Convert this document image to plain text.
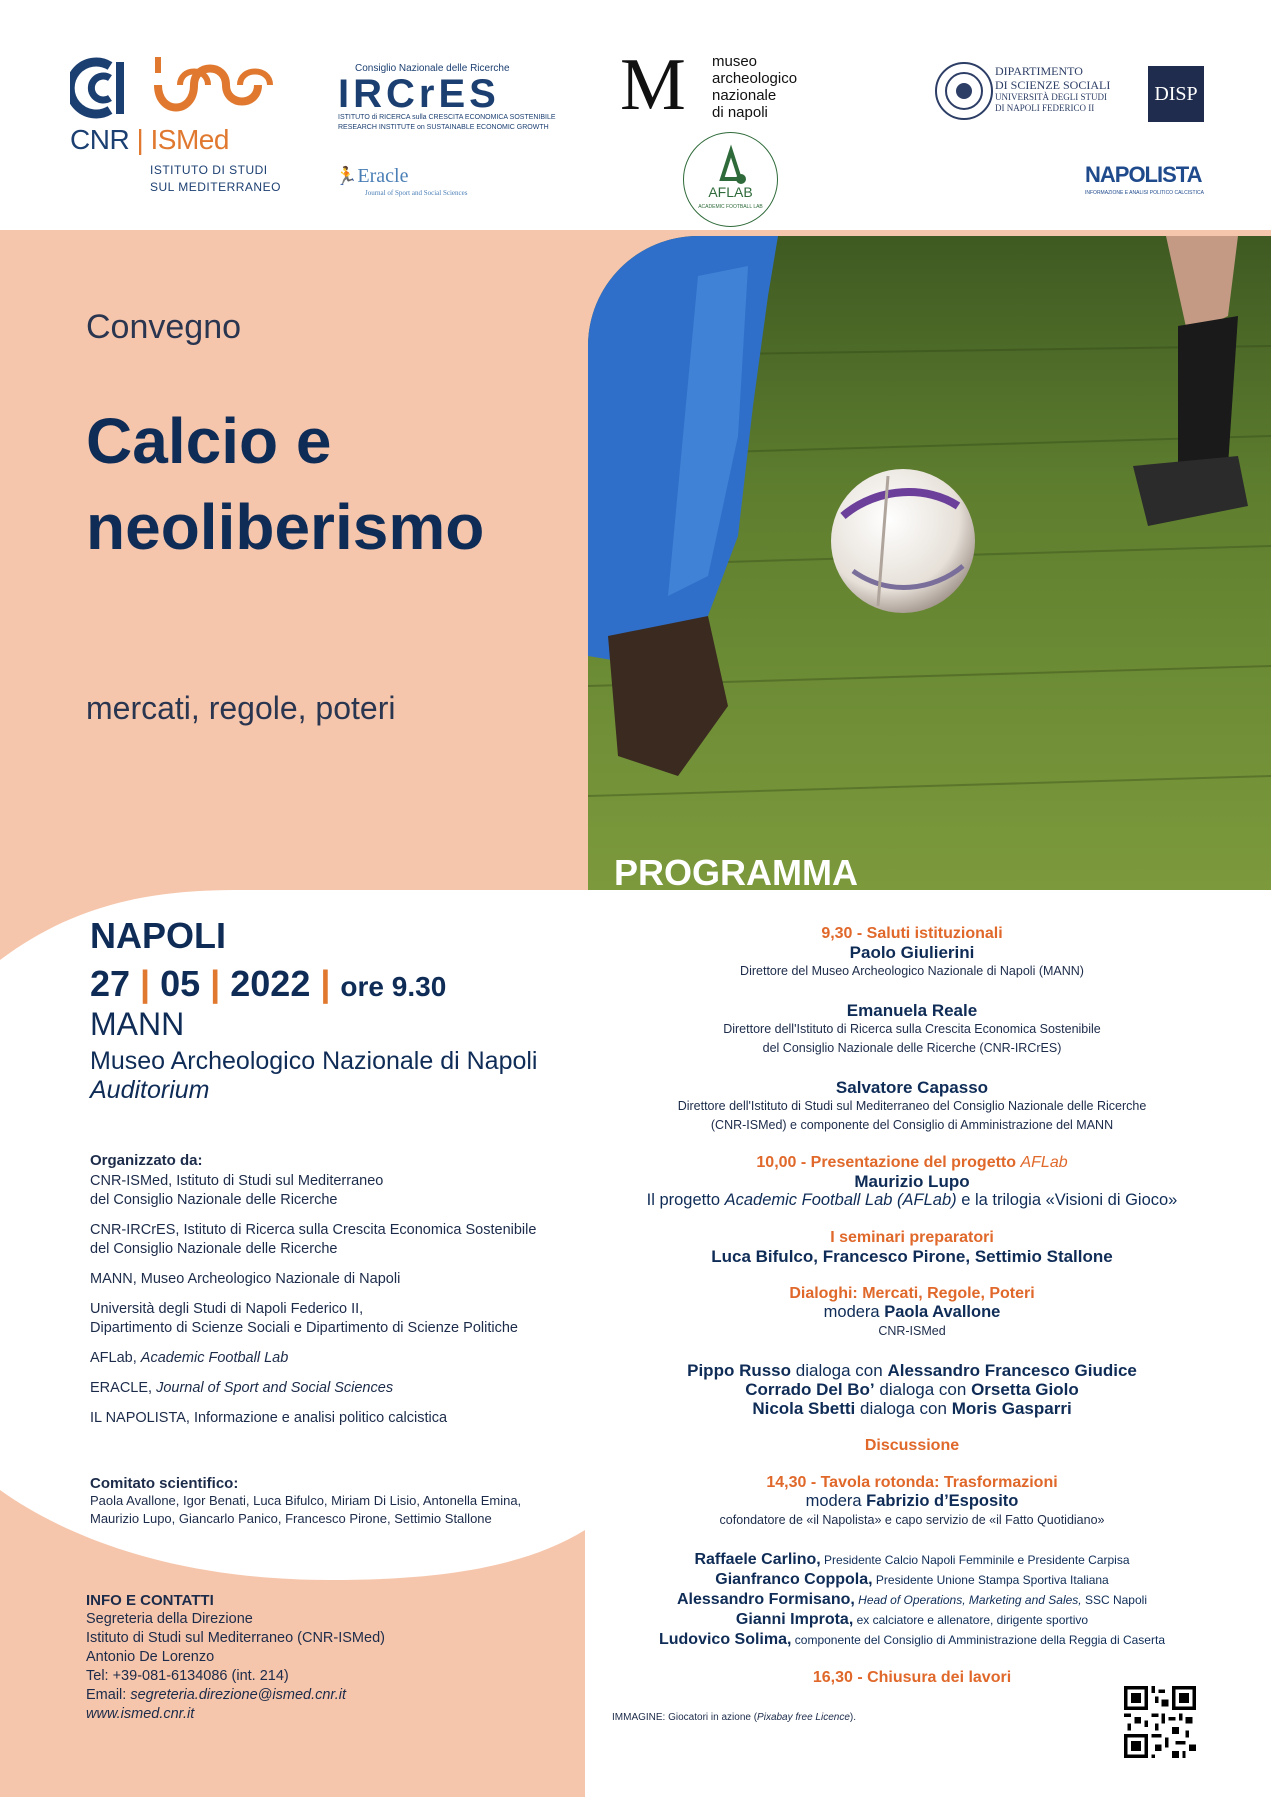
CNR | ISMed
ISTITUTO DI STUDI
SUL MEDITERRANEO
Consiglio Nazionale delle Ricerche
IRCrES
ISTITUTO di RICERCA sulla CRESCITA ECONOMICA SOSTENIBILE
RESEARCH INSTITUTE on SUSTAINABLE ECONOMIC GROWTH
🏃Eracle
Journal of Sport and Social Sciences
M museo
archeologico
nazionale
di napoli
AFLAB
ACADEMIC FOOTBALL LAB
DIPARTIMENTO
DI SCIENZE SOCIALI
UNIVERSITÀ DEGLI STUDI
DI NAPOLI FEDERICO II
DISP
NAPOLISTA
INFORMAZIONE E ANALISI POLITICO CALCISTICA
Convegno
Calcio e
neoliberismo
mercati, regole, poteri
PROGRAMMA
NAPOLI
27 | 05 | 2022 | ore 9.30
MANN
Museo Archeologico Nazionale di Napoli
Auditorium
Organizzato da:

CNR-ISMed, Istituto di Studi sul Mediterraneo
del Consiglio Nazionale delle Ricerche

CNR-IRCrES, Istituto di Ricerca sulla Crescita Economica Sostenibile
del Consiglio Nazionale delle Ricerche

MANN, Museo Archeologico Nazionale di Napoli

Università degli Studi di Napoli Federico II,
Dipartimento di Scienze Sociali e Dipartimento di Scienze Politiche

AFLab, Academic Football Lab

ERACLE, Journal of Sport and Social Sciences

IL NAPOLISTA, Informazione e analisi politico calcistica

Comitato scientifico:

Paola Avallone, Igor Benati, Luca Bifulco, Miriam Di Lisio, Antonella Emina,

Maurizio Lupo, Giancarlo Panico, Francesco Pirone, Settimio Stallone

INFO E CONTATTI
Segreteria della Direzione
Istituto di Studi sul Mediterraneo (CNR-ISMed)
Antonio De Lorenzo
Tel: +39-081-6134086 (int. 214)
Email: segreteria.direzione@ismed.cnr.it
www.ismed.cnr.it
9,30 - Saluti istituzionali
Paolo Giulierini
Direttore del Museo Archeologico Nazionale di Napoli (MANN)
Emanuela Reale
Direttore dell'Istituto di Ricerca sulla Crescita Economica Sostenibile
del Consiglio Nazionale delle Ricerche (CNR-IRCrES)
Salvatore Capasso
Direttore dell'Istituto di Studi sul Mediterraneo del Consiglio Nazionale delle Ricerche
(CNR-ISMed) e componente del Consiglio di Amministrazione del MANN
10,00 - Presentazione del progetto AFLab
Maurizio Lupo
Il progetto Academic Football Lab (AFLab) e la trilogia «Visioni di Gioco»
I seminari preparatori
Luca Bifulco, Francesco Pirone, Settimio Stallone
Dialoghi: Mercati, Regole, Poteri
modera Paola Avallone
CNR-ISMed
Pippo Russo dialoga con Alessandro Francesco Giudice
Corrado Del Bo’ dialoga con Orsetta Giolo
Nicola Sbetti dialoga con Moris Gasparri
Discussione
14,30 - Tavola rotonda: Trasformazioni
modera Fabrizio d’Esposito
cofondatore de «il Napolista» e capo servizio de «il Fatto Quotidiano»
Raffaele Carlino, Presidente Calcio Napoli Femminile e Presidente Carpisa
Gianfranco Coppola, Presidente Unione Stampa Sportiva Italiana
Alessandro Formisano, Head of Operations, Marketing and Sales, SSC Napoli
Gianni Improta, ex calciatore e allenatore, dirigente sportivo
Ludovico Solima, componente del Consiglio di Amministrazione della Reggia di Caserta
16,30 - Chiusura dei lavori
IMMAGINE: Giocatori in azione (Pixabay free Licence).
